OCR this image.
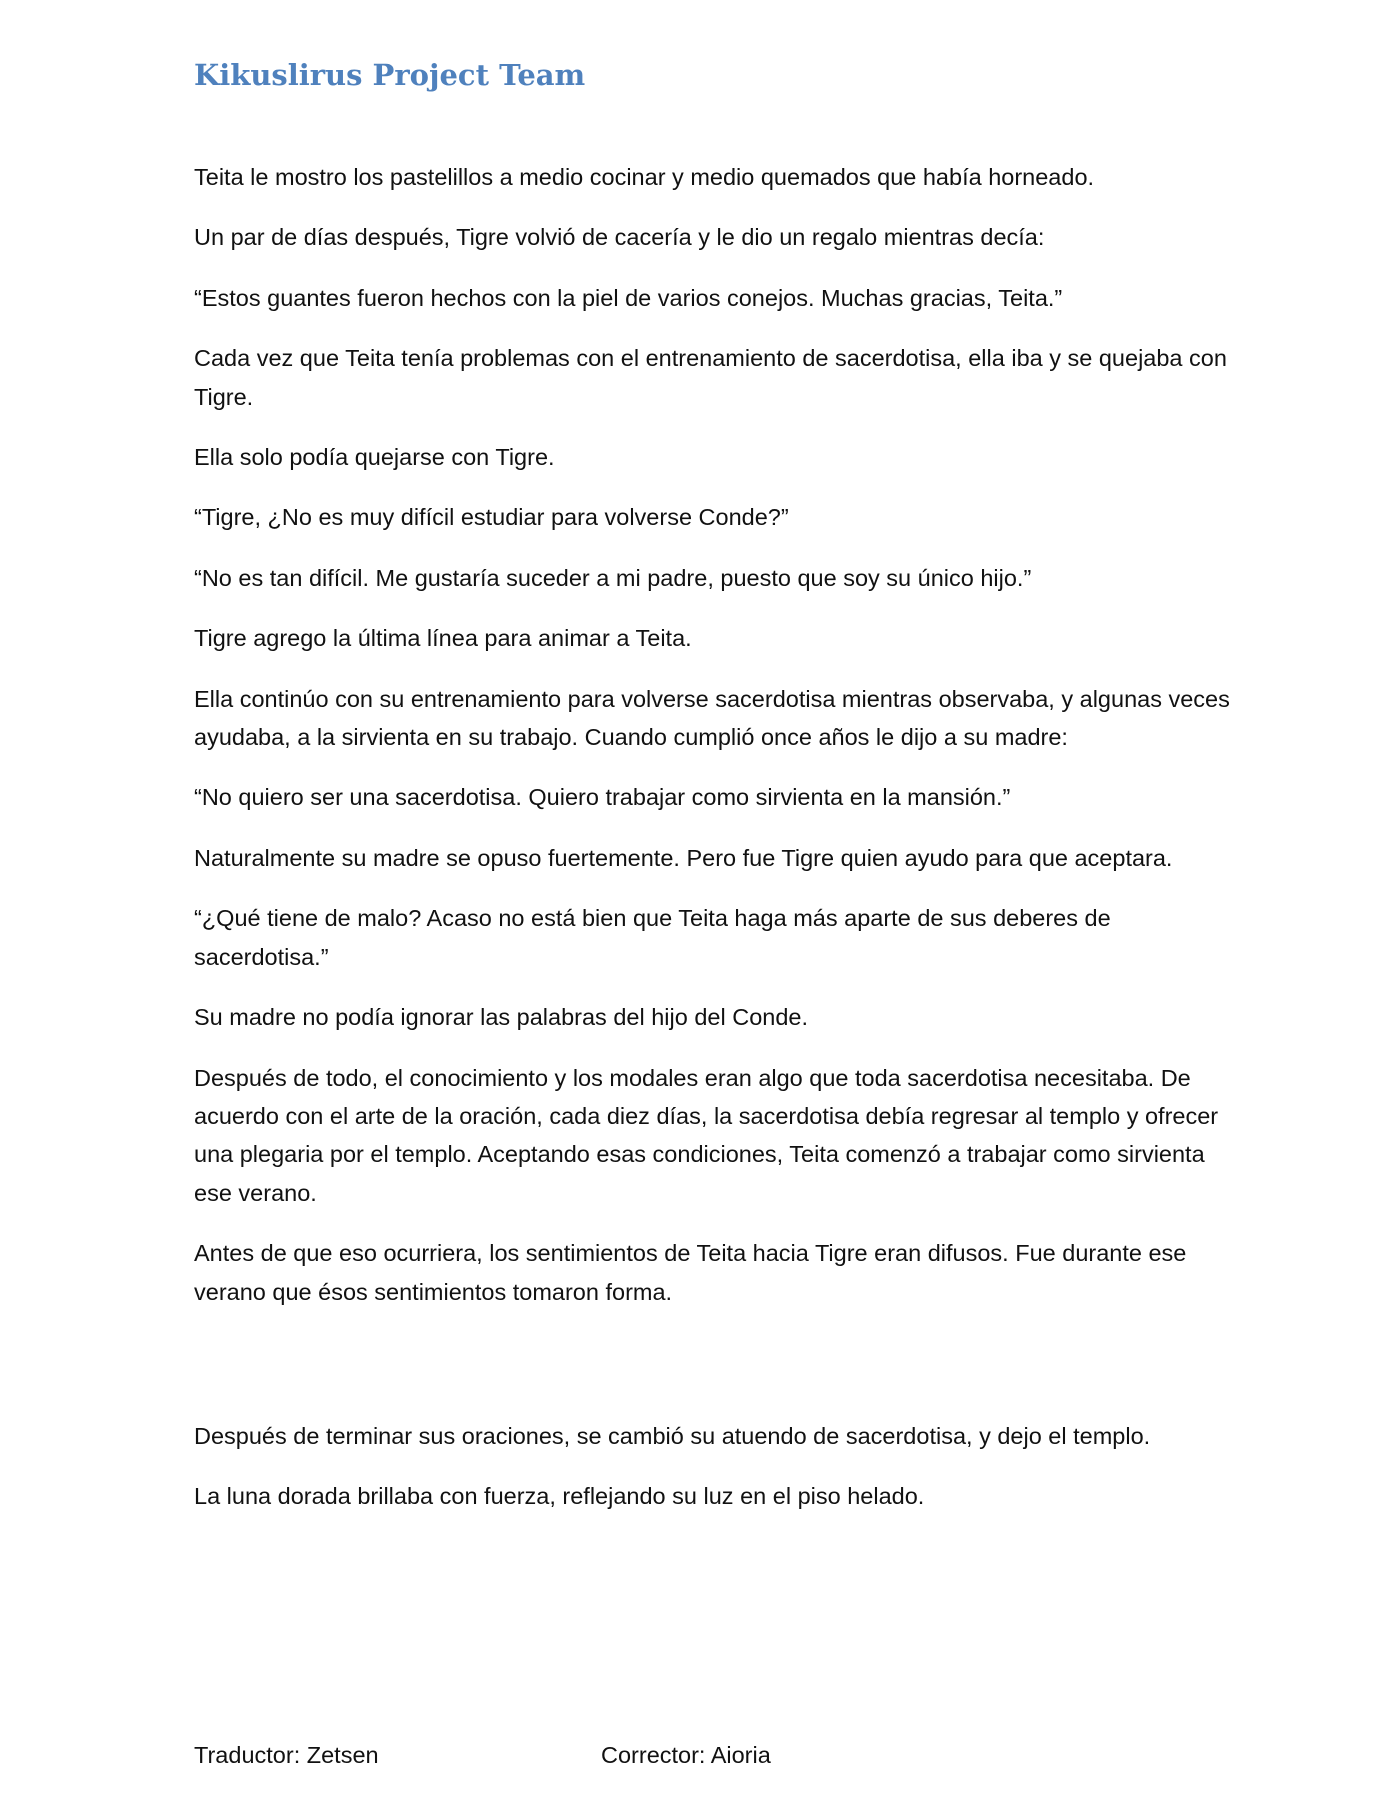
Kikuslirus Project Team

Teita le mostro los pastelillos a medio cocinar y medio quemados que había horneado.

Un par de días después, Tigre volvió de cacería y le dio un regalo mientras decía:

“Estos guantes fueron hechos con la piel de varios conejos. Muchas gracias, Teita.”

Cada vez que Teita tenía problemas con el entrenamiento de sacerdotisa, ella iba y se quejaba con Tigre.

Ella solo podía quejarse con Tigre.

“Tigre, ¿No es muy difícil estudiar para volverse Conde?”

“No es tan difícil. Me gustaría suceder a mi padre, puesto que soy su único hijo.”

Tigre agrego la última línea para animar a Teita.

Ella continúo con su entrenamiento para volverse sacerdotisa mientras observaba, y algunas veces ayudaba, a la sirvienta en su trabajo. Cuando cumplió once años le dijo a su madre:

“No quiero ser una sacerdotisa. Quiero trabajar como sirvienta en la mansión.”

Naturalmente su madre se opuso fuertemente. Pero fue Tigre quien ayudo para que aceptara.

“¿Qué tiene de malo? Acaso no está bien que Teita haga más aparte de sus deberes de sacerdotisa.”

Su madre no podía ignorar las palabras del hijo del Conde.

Después de todo, el conocimiento y los modales eran algo que toda sacerdotisa necesitaba. De acuerdo con el arte de la oración, cada diez días, la sacerdotisa debía regresar al templo y ofrecer una plegaria por el templo. Aceptando esas condiciones, Teita comenzó a trabajar como sirvienta ese verano.

Antes de que eso ocurriera, los sentimientos de Teita hacia Tigre eran difusos. Fue durante ese verano que ésos sentimientos tomaron forma.

Después de terminar sus oraciones, se cambió su atuendo de sacerdotisa, y dejo el templo.

La luna dorada brillaba con fuerza, reflejando su luz en el piso helado.

Traductor: Zetsen	Corrector: Aioria
